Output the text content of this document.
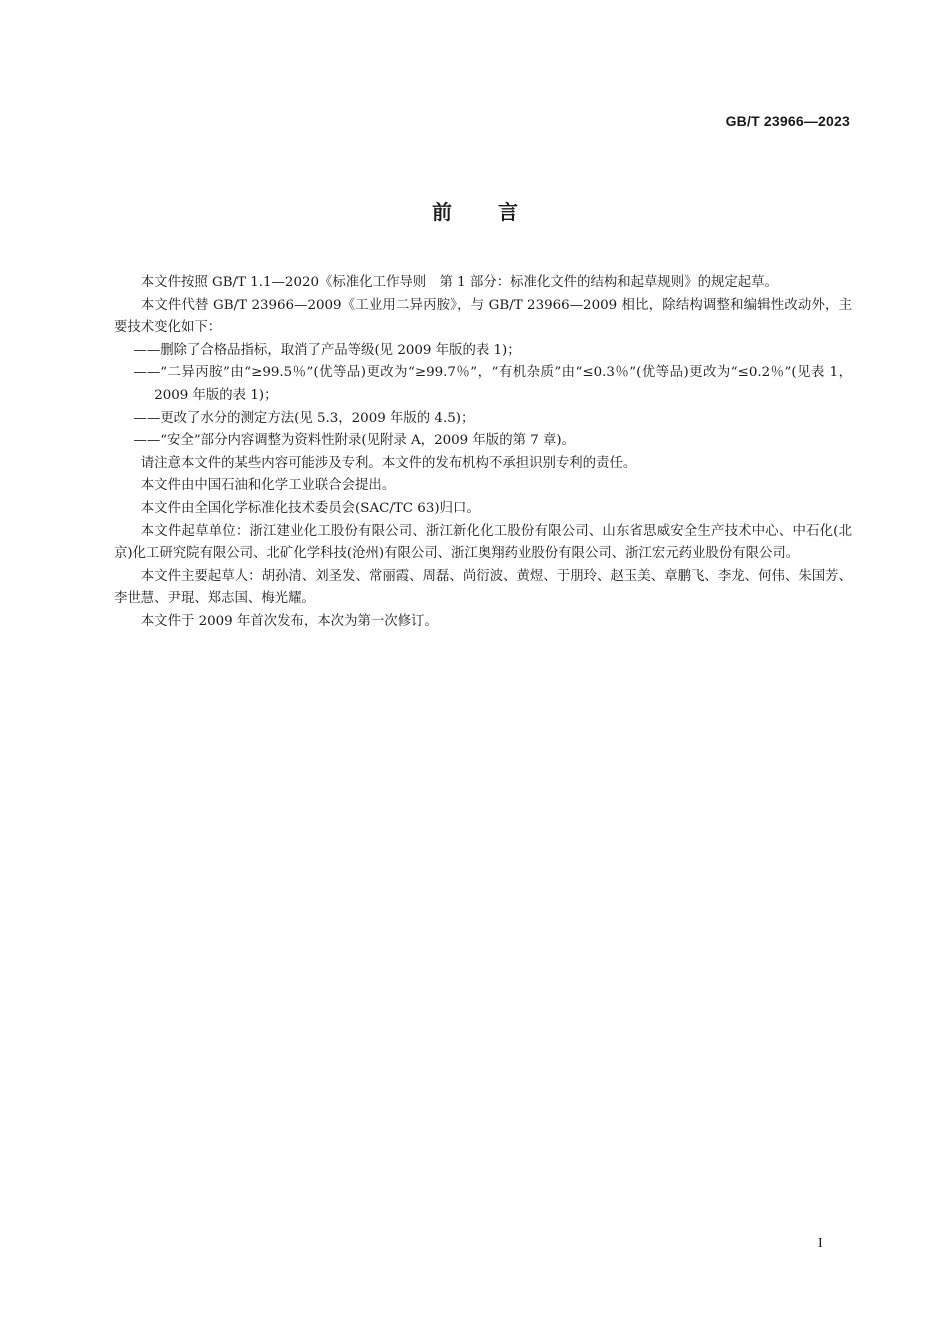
GB/T 23966—2023
前言

本文件按照 GB/T 1.1—2020《标准化工作导则　第 1 部分：标准化文件的结构和起草规则》的规定起草。

本文件代替 GB/T 23966—2009《工业用二异丙胺》，与 GB/T 23966—2009 相比，除结构调整和编辑性改动外，主要技术变化如下：

——删除了合格品指标，取消了产品等级(见 2009 年版的表 1)；

——“二异丙胺”由“≥99.5％”(优等品)更改为“≥99.7％”，“有机杂质”由“≤0.3％”(优等品)更改为“≤0.2％”(见表 1，2009 年版的表 1)；

——更改了水分的测定方法(见 5.3，2009 年版的 4.5)；

——“安全”部分内容调整为资料性附录(见附录 A，2009 年版的第 7 章)。

请注意本文件的某些内容可能涉及专利。本文件的发布机构不承担识别专利的责任。

本文件由中国石油和化学工业联合会提出。

本文件由全国化学标准化技术委员会(SAC/TC 63)归口。

本文件起草单位：浙江建业化工股份有限公司、浙江新化化工股份有限公司、山东省思威安全生产技术中心、中石化(北京)化工研究院有限公司、北矿化学科技(沧州)有限公司、浙江奥翔药业股份有限公司、浙江宏元药业股份有限公司。

本文件主要起草人：胡孙清、刘圣发、常丽霞、周磊、尚衍波、黄煜、于朋玲、赵玉美、章鹏飞、李龙、何伟、朱国芳、李世慧、尹琨、郑志国、梅光耀。

本文件于 2009 年首次发布，本次为第一次修订。

I
